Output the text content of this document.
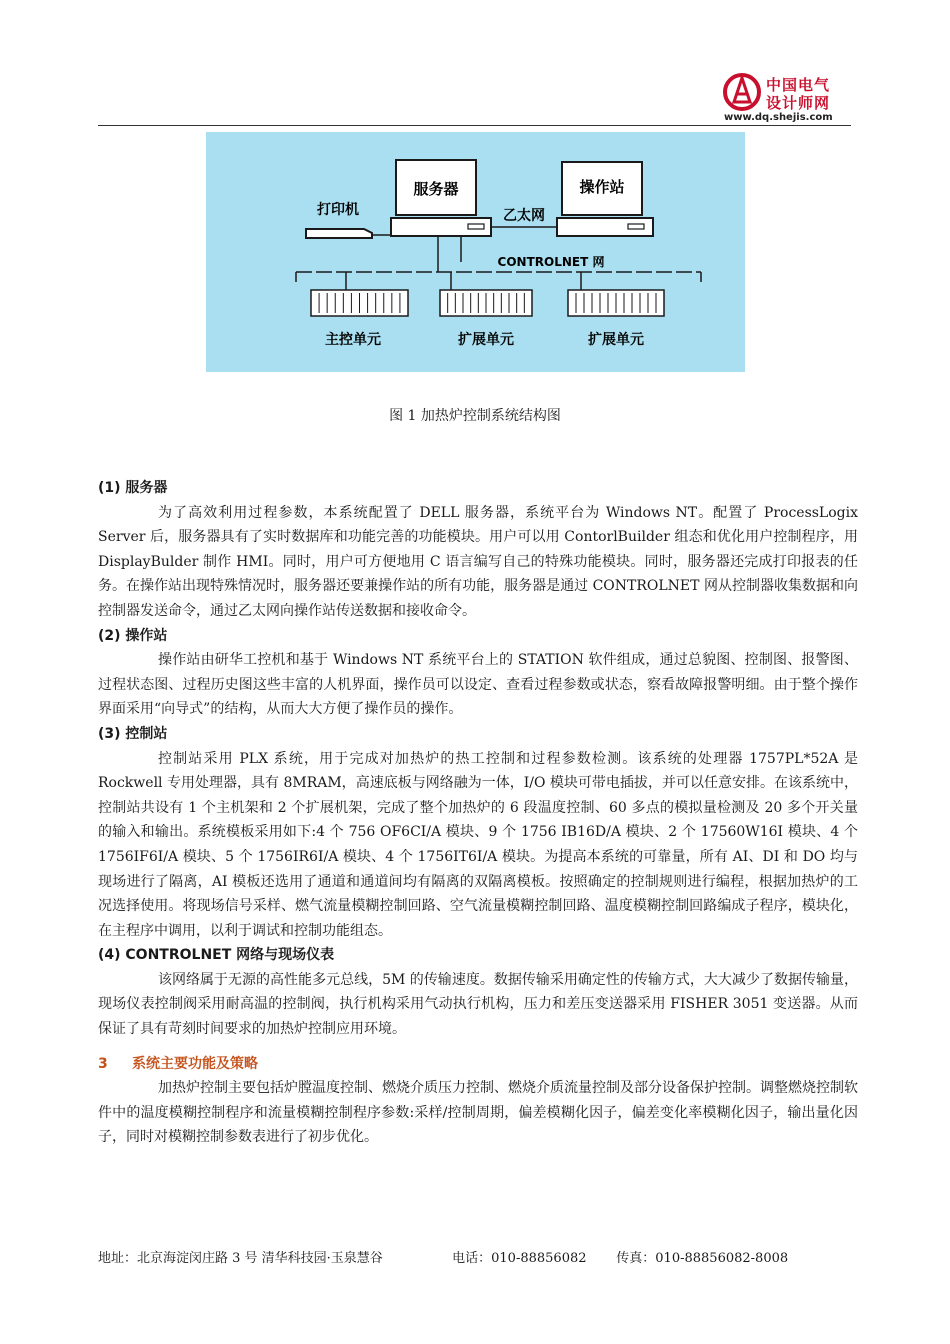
中国电气
设计师网
www.dq.shejis.com
服务器	操作站
打印机	乙太网
CONTROLNET 网
主控单元	扩展单元	扩展单元
图 1 加热炉控制系统结构图

(1) 服务器

为了高效利用过程参数，本系统配置了 DELL 服务器，系统平台为 Windows NT。配置了 ProcessLogix Server 后，服务器具有了实时数据库和功能完善的功能模块。用户可以用 ContorlBuilder 组态和优化用户控制程序，用 DisplayBulder 制作 HMI。同时，用户可方便地用 C 语言编写自己的特殊功能模块。同时，服务器还完成打印报表的任务。在操作站出现特殊情况时，服务器还要兼操作站的所有功能，服务器是通过 CONTROLNET 网从控制器收集数据和向控制器发送命令，通过乙太网向操作站传送数据和接收命令。

(2) 操作站

操作站由研华工控机和基于 Windows NT 系统平台上的 STATION 软件组成，通过总貌图、控制图、报警图、过程状态图、过程历史图这些丰富的人机界面，操作员可以设定、查看过程参数或状态，察看故障报警明细。由于整个操作界面采用“向导式”的结构，从而大大方便了操作员的操作。

(3) 控制站

控制站采用 PLX 系统，用于完成对加热炉的热工控制和过程参数检测。该系统的处理器 1757PL*52A 是 Rockwell 专用处理器，具有 8MRAM，高速底板与网络融为一体，I/O 模块可带电插拔，并可以任意安排。在该系统中，控制站共设有 1 个主机架和 2 个扩展机架，完成了整个加热炉的 6 段温度控制、60 多点的模拟量检测及 20 多个开关量的输入和输出。系统模板采用如下:4 个 756 OF6CI/A 模块、9 个 1756 IB16D/A 模块、2 个 17560W16I 模块、4 个 1756IF6I/A 模块、5 个 1756IR6I/A 模块、4 个 1756IT6I/A 模块。为提高本系统的可靠量，所有 AI、DI 和 DO 均与现场进行了隔离，AI 模板还选用了通道和通道间均有隔离的双隔离模板。按照确定的控制规则进行编程，根据加热炉的工况选择使用。将现场信号采样、燃气流量模糊控制回路、空气流量模糊控制回路、温度模糊控制回路编成子程序，模块化，在主程序中调用，以利于调试和控制功能组态。

(4) CONTROLNET 网络与现场仪表

该网络属于无源的高性能多元总线，5M 的传输速度。数据传输采用确定性的传输方式，大大减少了数据传输量，现场仪表控制阀采用耐高温的控制阀，执行机构采用气动执行机构，压力和差压变送器采用 FISHER 3051 变送器。从而保证了具有苛刻时间要求的加热炉控制应用环境。

3 系统主要功能及策略

加热炉控制主要包括炉膛温度控制、燃烧介质压力控制、燃烧介质流量控制及部分设备保护控制。调整燃烧控制软件中的温度模糊控制程序和流量模糊控制程序参数:采样/控制周期，偏差模糊化因子，偏差变化率模糊化因子，输出量化因子，同时对模糊控制参数表进行了初步优化。

地址：北京海淀闵庄路 3 号 清华科技园·玉泉慧谷	电话：010-88856082 传真：010-88856082-8008
